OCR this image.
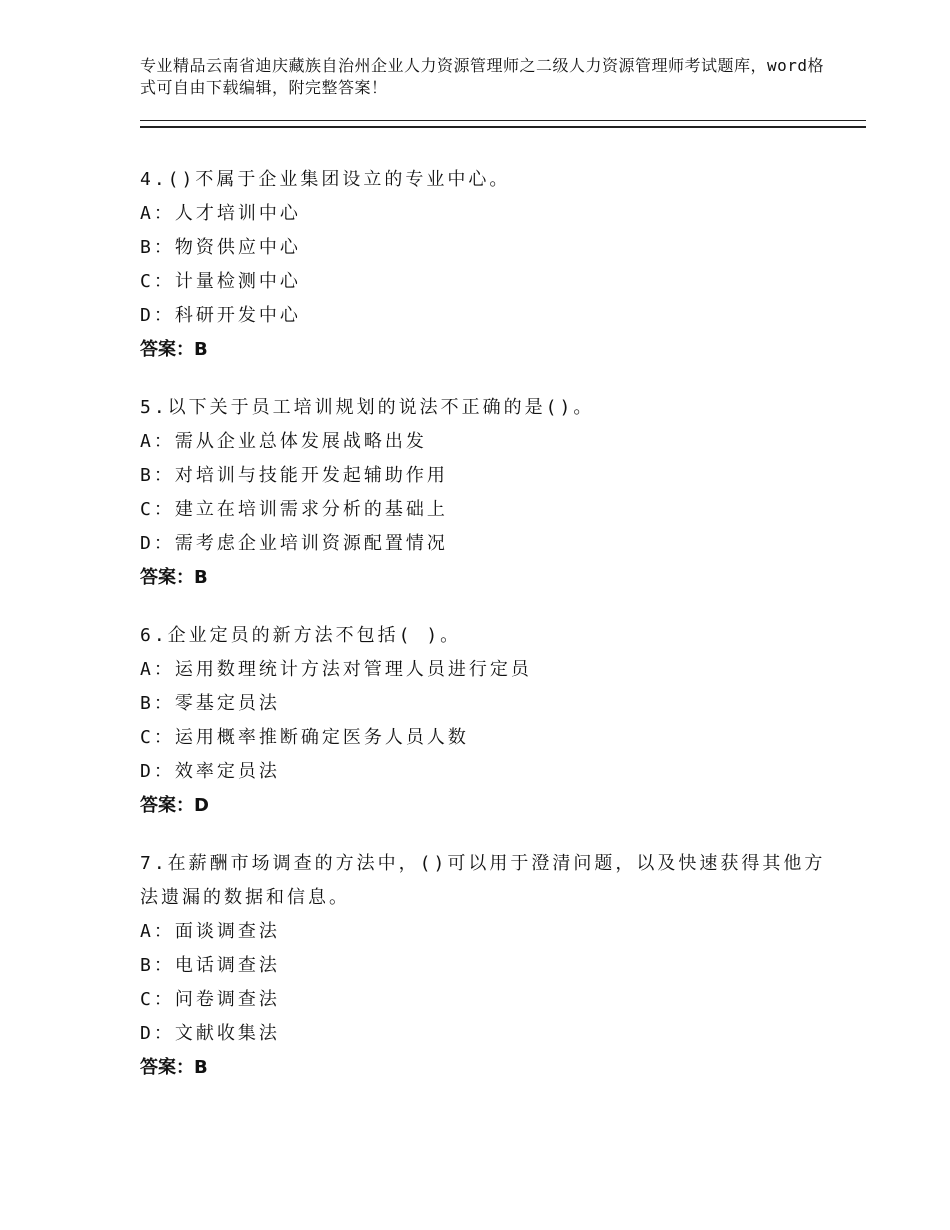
专业精品云南省迪庆藏族自治州企业人力资源管理师之二级人力资源管理师考试题库，word格式可自由下载编辑，附完整答案！
4.()不属于企业集团设立的专业中心。
A：人才培训中心
B：物资供应中心
C：计量检测中心
D：科研开发中心
答案：B
5.以下关于员工培训规划的说法不正确的是()。
A：需从企业总体发展战略出发
B：对培训与技能开发起辅助作用
C：建立在培训需求分析的基础上
D：需考虑企业培训资源配置情况
答案：B
6.企业定员的新方法不包括( )。
A：运用数理统计方法对管理人员进行定员
B：零基定员法
C：运用概率推断确定医务人员人数
D：效率定员法
答案：D
7.在薪酬市场调查的方法中，()可以用于澄清问题，以及快速获得其他方法遗漏的数据和信息。
A：面谈调查法
B：电话调查法
C：问卷调查法
D：文献收集法
答案：B
